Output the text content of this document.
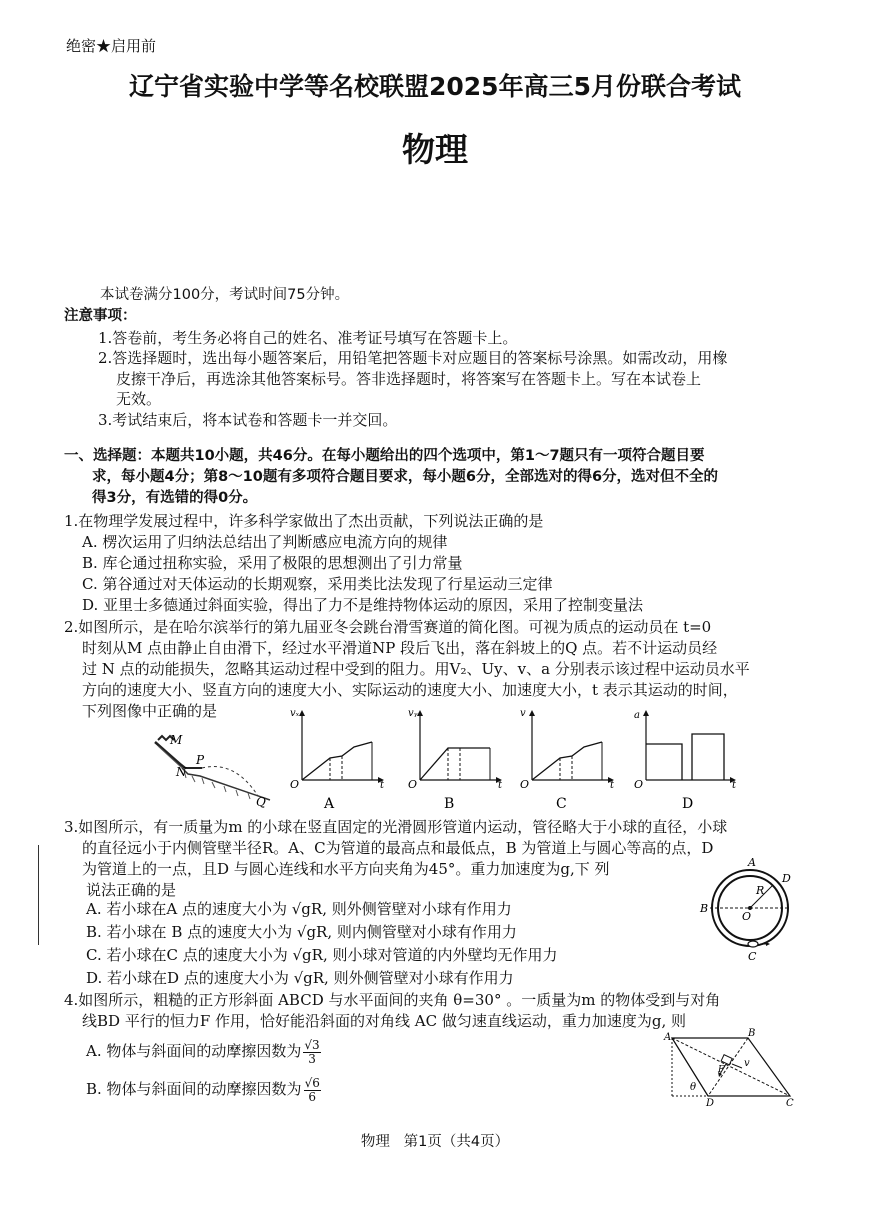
绝密★启用前
辽宁省实验中学等名校联盟2025年高三5月份联合考试
物理
本试卷满分100分，考试时间75分钟。
注意事项：
1.答卷前，考生务必将自己的姓名、准考证号填写在答题卡上。
2.答选择题时，选出每小题答案后，用铅笔把答题卡对应题目的答案标号涂黑。如需改动，用橡
皮擦干净后，再选涂其他答案标号。答非选择题时，将答案写在答题卡上。写在本试卷上
无效。
3.考试结束后，将本试卷和答题卡一并交回。
一、选择题：本题共10小题，共46分。在每小题给出的四个选项中，第1～7题只有一项符合题目要
求，每小题4分；第8～10题有多项符合题目要求，每小题6分，全部选对的得6分，选对但不全的
得3分，有选错的得0分。
1.在物理学发展过程中，许多科学家做出了杰出贡献，下列说法正确的是
A. 楞次运用了归纳法总结出了判断感应电流方向的规律
B. 库仑通过扭称实验，采用了极限的思想测出了引力常量
C. 第谷通过对天体运动的长期观察，采用类比法发现了行星运动三定律
D. 亚里士多德通过斜面实验，得出了力不是维持物体运动的原因，采用了控制变量法
2.如图所示，是在哈尔滨举行的第九届亚冬会跳台滑雪赛道的简化图。可视为质点的运动员在 t=0
时刻从M 点由静止自由滑下，经过水平滑道NP 段后飞出，落在斜坡上的Q 点。若不计运动员经
过 N 点的动能损失，忽略其运动过程中受到的阻力。用V₂、Uy、v、a 分别表示该过程中运动员水平
方向的速度大小、竖直方向的速度大小、实际运动的速度大小、加速度大小，t 表示其运动的时间，
下列图像中正确的是
M
N
P
Q
vₓ
O	t
A
vᵧ
O	t
B
v
O	t
C
a
O	t
D
3.如图所示，有一质量为m 的小球在竖直固定的光滑圆形管道内运动，管径略大于小球的直径，小球
的直径远小于内侧管壁半径R。A、C为管道的最高点和最低点，B 为管道上与圆心等高的点，D
为管道上的一点，且D 与圆心连线和水平方向夹角为45°。重力加速度为g,下 列
说法正确的是
A. 若小球在A 点的速度大小为 √gR, 则外侧管壁对小球有作用力
B. 若小球在 B 点的速度大小为 √gR, 则内侧管壁对小球有作用力
C. 若小球在C 点的速度大小为 √gR, 则小球对管道的内外壁均无作用力
D. 若小球在D 点的速度大小为 √gR, 则外侧管壁对小球有作用力
A
B
C
D
R
O
4.如图所示，粗糙的正方形斜面 ABCD 与水平面间的夹角 θ=30° 。一质量为m 的物体受到与对角
线BD 平行的恒力F 作用，恰好能沿斜面的对角线 AC 做匀速直线运动，重力加速度为g, 则
A. 物体与斜面间的动摩擦因数为 $\frac{√3}{3}$
B. 物体与斜面间的动摩擦因数为 $\frac{√6}{6}$
A	B
C
D
θ
v
F
物理   第1页（共4页）
